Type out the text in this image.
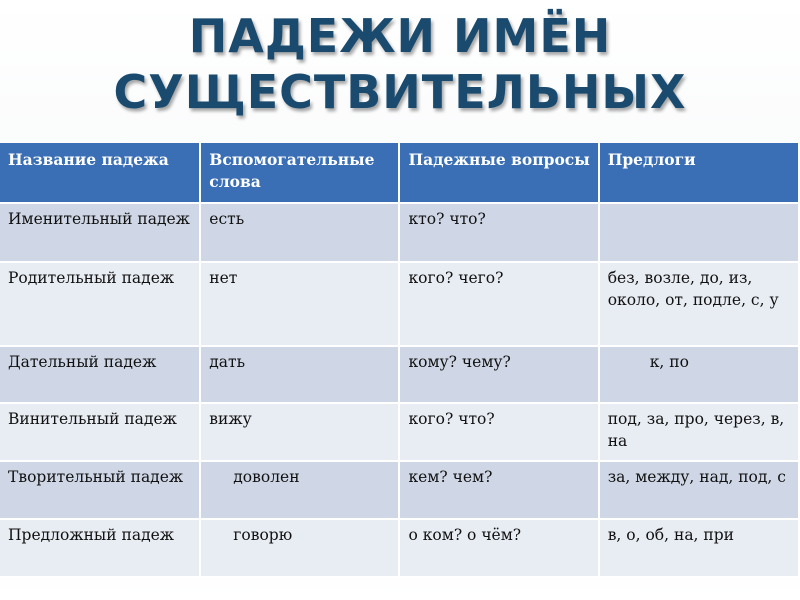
ПАДЕЖИ ИМЁН
СУЩЕСТВИТЕЛЬНЫХ
Название падежа	Вспомогательные слова	Падежные вопросы	Предлоги
Именительный падеж	есть	кто? что?	
Родительный падеж	нет	кого? чего?	без, возле, до, из, около, от, подле, с, у
Дательный падеж	дать	кому? чему?	к, по
Винительный падеж	вижу	кого? что?	под, за, про, через, в, на
Творительный падеж	доволен	кем? чем?	за, между, над, под, с
Предложный падеж	говорю	о ком? о чём?	в, о, об, на, при
